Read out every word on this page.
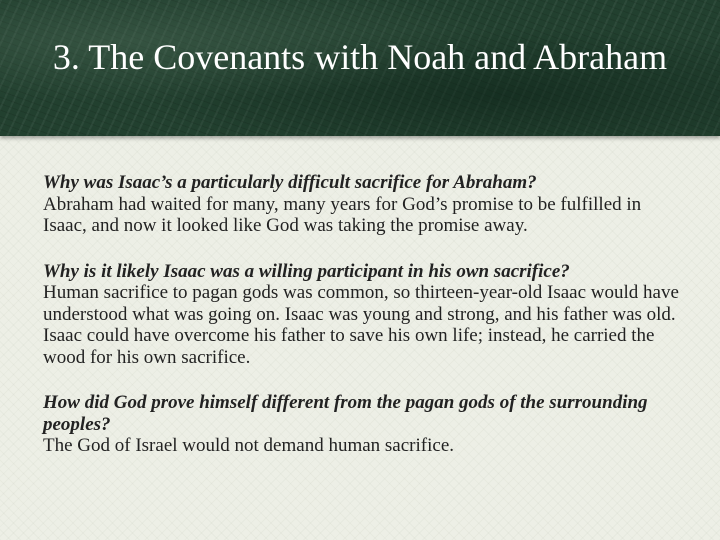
3. The Covenants with Noah and Abraham

Why was Isaac’s a particularly difficult sacrifice for Abraham?

Abraham had waited for many, many years for God’s promise to be fulfilled in Isaac, and now it looked like God was taking the promise away.

Why is it likely Isaac was a willing participant in his own sacrifice?

Human sacrifice to pagan gods was common, so thirteen-year-old Isaac would have understood what was going on. Isaac was young and strong, and his father was old. Isaac could have overcome his father to save his own life; instead, he carried the wood for his own sacrifice.

How did God prove himself different from the pagan gods of the surrounding peoples?

The God of Israel would not demand human sacrifice.
